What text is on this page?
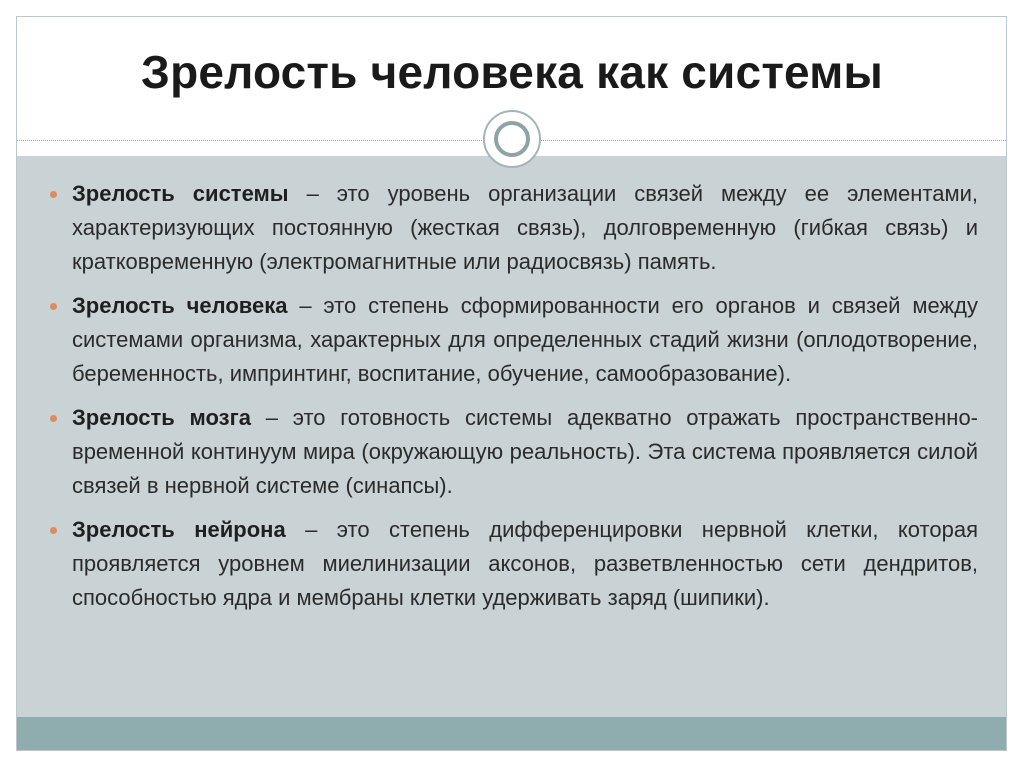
Зрелость человека как системы
Зрелость системы – это уровень организации связей между ее элементами, характеризующих постоянную (жесткая связь), долговременную (гибкая связь) и кратковременную (электромагнитные или радиосвязь) память.
Зрелость человека – это степень сформированности его органов и связей между системами организма, характерных для определенных стадий жизни (оплодотворение, беременность, импринтинг, воспитание, обучение, самообразование).
Зрелость мозга – это готовность системы адекватно отражать пространственно-временной континуум мира (окружающую реальность). Эта система проявляется силой связей в нервной системе (синапсы).
Зрелость нейрона – это степень дифференцировки нервной клетки, которая проявляется уровнем миелинизации аксонов, разветвленностью сети дендритов, способностью ядра и мембраны клетки удерживать заряд (шипики).
